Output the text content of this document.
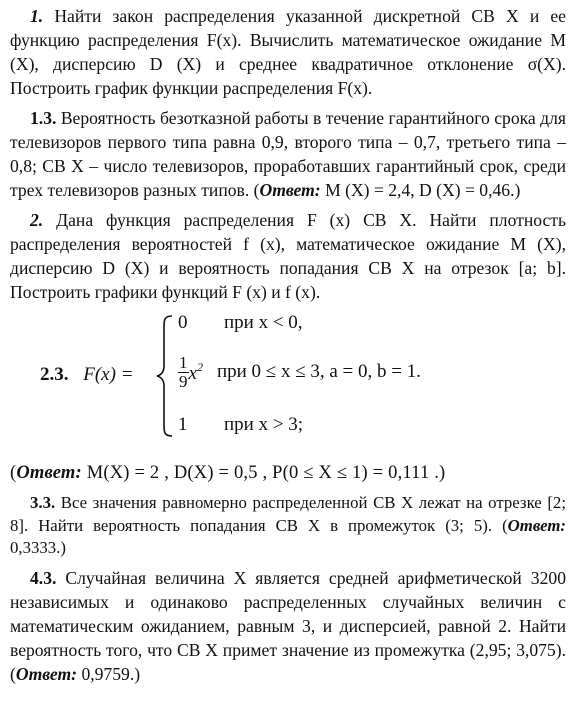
1. Найти закон распределения указанной дискретной СВ X и ее функцию распределения F(x). Вычислить математическое ожидание M (X), дисперсию D (X) и среднее квадратичное отклонение σ(X). Построить график функции распределения F(x).

1.3. Вероятность безотказной работы в течение гарантийного срока для телевизоров первого типа равна 0,9, второго типа – 0,7, третьего типа – 0,8; СВ X – число телевизоров, проработавших гарантийный срок, среди трех телевизоров разных типов. (Ответ: M (X) = 2,4, D (X) = 0,46.)

2. Дана функция распределения F (x) СВ X. Найти плотность распределения вероятностей f (x), математическое ожидание M (X), дисперсию D (X) и вероятность попадания СВ X на отрезок [a; b]. Построить графики функций F (x) и f (x).

2.3. F(x) =
0 при x < 0,
$\frac{1}{9} x^2$ при 0 ≤ x ≤ 3, a = 0, b = 1.
1 при x > 3;

(Ответ: M(X) = 2 , D(X) = 0,5 , P(0 ≤ X ≤ 1) = 0,111 .)

3.3. Все значения равномерно распределенной СВ X лежат на отрезке [2; 8]. Найти вероятность попадания СВ X в промежуток (3; 5). (Ответ: 0,3333.)

4.3. Случайная величина X является средней арифметической 3200 независимых и одинаково распределенных случайных величин с математическим ожиданием, равным 3, и дисперсией, равной 2. Найти вероятность того, что СВ X примет значение из промежутка (2,95; 3,075). (Ответ: 0,9759.)
